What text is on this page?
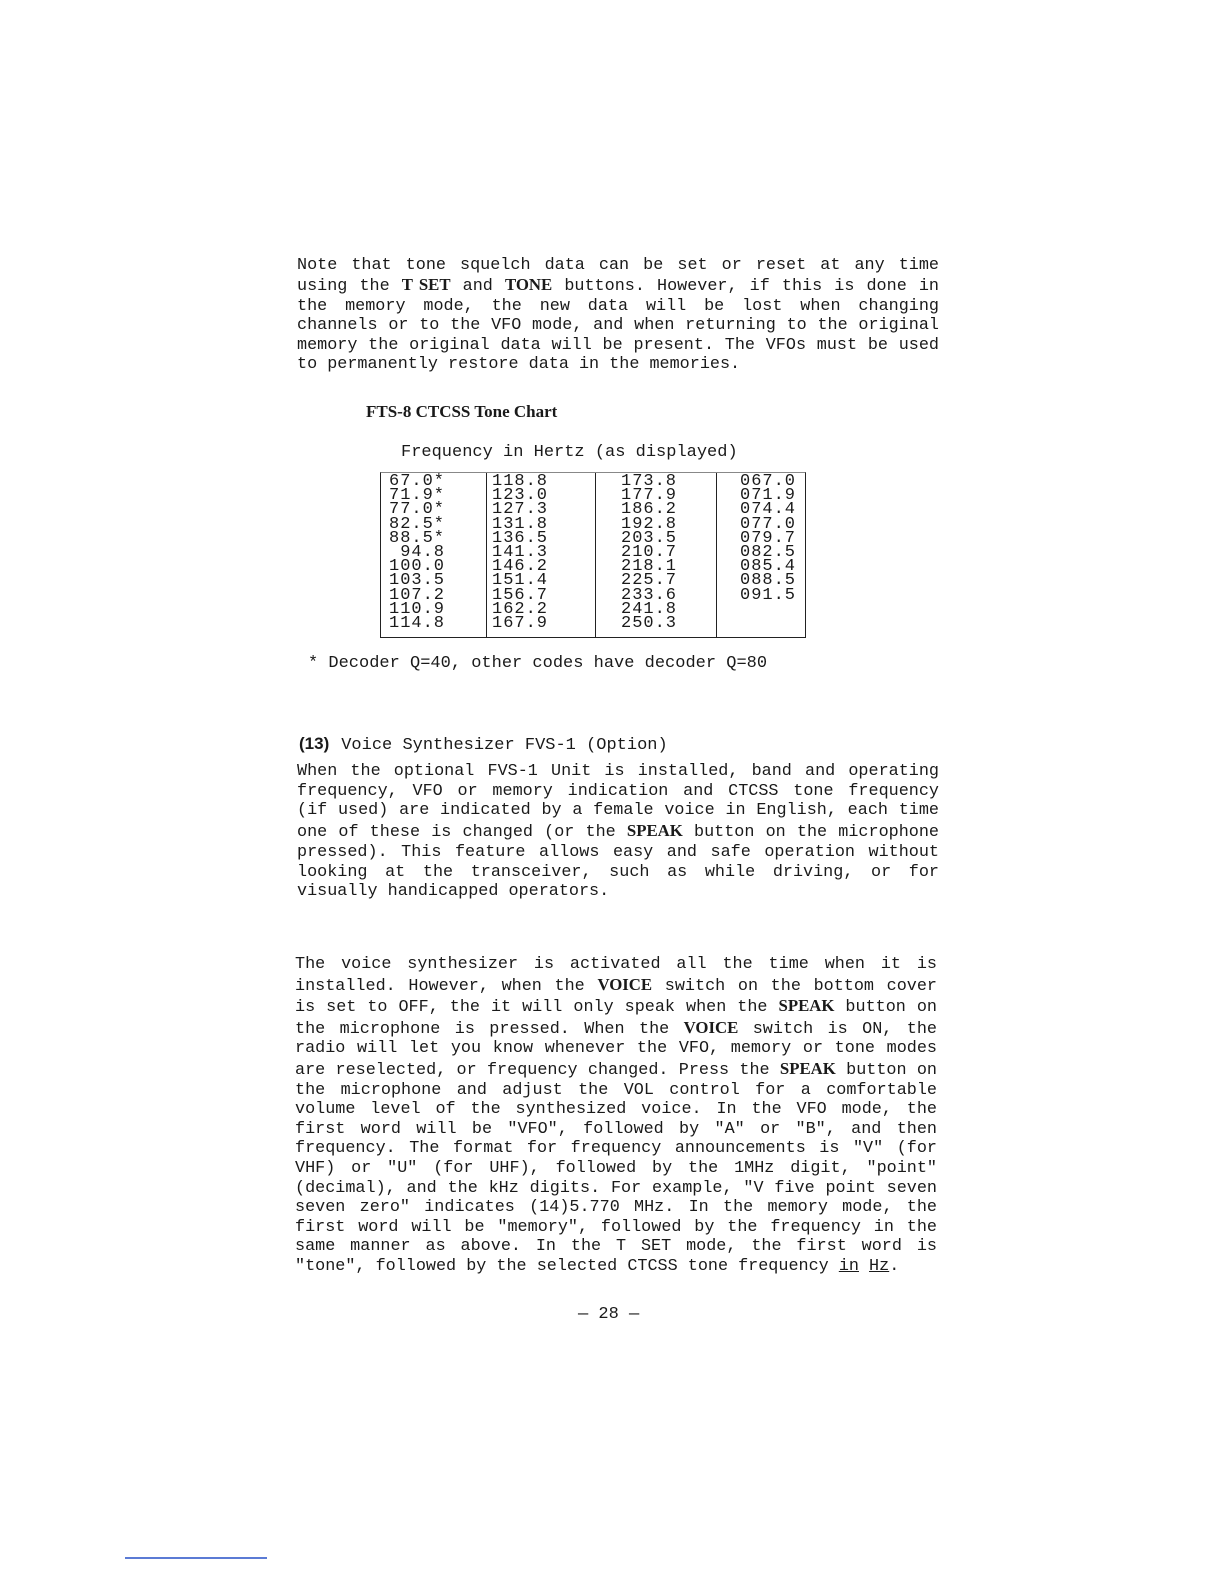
Note that tone squelch data can be set or reset at any time using the T SET and TONE buttons. However, if this is done in the memory mode, the new data will be lost when changing channels or to the VFO mode, and when returning to the original memory the original data will be present. The VFOs must be used to permanently restore data in the memories.

FTS-8 CTCSS Tone Chart
Frequency in Hertz (as displayed)
67.0*
71.9*
77.0*
82.5*
88.5*
94.8
100.0
103.5
107.2
110.9
114.8
118.8
123.0
127.3
131.8
136.5
141.3
146.2
151.4
156.7
162.2
167.9
173.8
177.9
186.2
192.8
203.5
210.7
218.1
225.7
233.6
241.8
250.3
067.0
071.9
074.4
077.0
079.7
082.5
085.4
088.5
091.5
* Decoder Q=40, other codes have decoder Q=80
(13) Voice Synthesizer FVS-1 (Option)

When the optional FVS-1 Unit is installed, band and operating frequency, VFO or memory indication and CTCSS tone frequency (if used) are indicated by a female voice in English, each time one of these is changed (or the SPEAK button on the microphone pressed). This feature allows easy and safe operation without looking at the transceiver, such as while driving, or for visually handicapped operators.

The voice synthesizer is activated all the time when it is installed. However, when the VOICE switch on the bottom cover is set to OFF, the it will only speak when the SPEAK button on the microphone is pressed. When the VOICE switch is ON, the radio will let you know whenever the VFO, memory or tone modes are reselected, or frequency changed. Press the SPEAK button on the microphone and adjust the VOL control for a comfortable volume level of the synthesized voice. In the VFO mode, the first word will be "VFO", followed by "A" or "B", and then frequency. The format for frequency announcements is "V" (for VHF) or "U" (for UHF), followed by the 1MHz digit, "point" (decimal), and the kHz digits. For example, "V five point seven seven zero" indicates (14)5.770 MHz. In the memory mode, the first word will be "memory", followed by the frequency in the same manner as above. In the T SET mode, the first word is "tone", followed by the selected CTCSS tone frequency in Hz.

— 28 —
